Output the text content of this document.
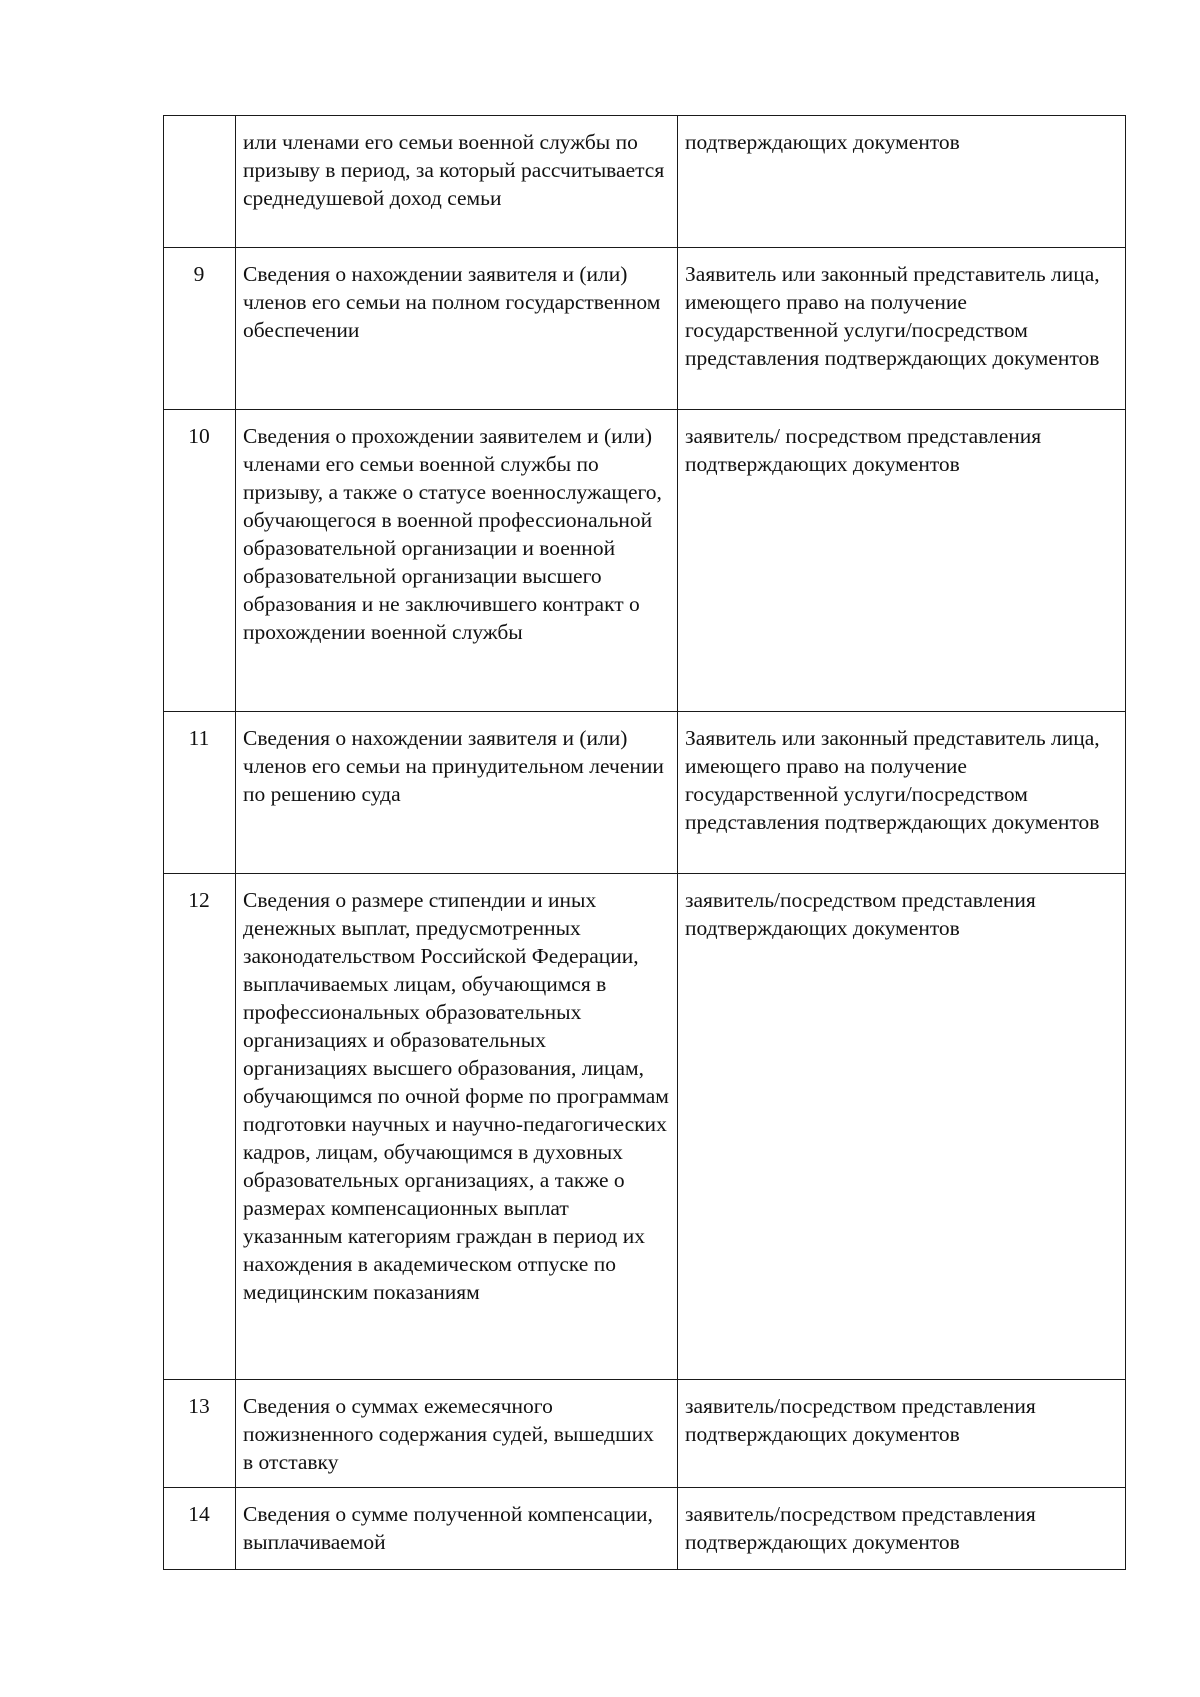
	или членами его семьи военной службы по призыву в период, за который рассчитывается среднедушевой доход семьи	подтверждающих документов
9	Сведения о нахождении заявителя и (или) членов его семьи на полном государственном обеспечении	Заявитель или законный представитель лица, имеющего право на получение государственной услуги/посредством представления подтверждающих документов
10	Сведения о прохождении заявителем и (или) членами его семьи военной службы по призыву, а также о статусе военнослужащего, обучающегося в военной профессиональной образовательной организации и военной образовательной организации высшего образования и не заключившего контракт о прохождении военной службы	заявитель/ посредством представления подтверждающих документов
11	Сведения о нахождении заявителя и (или) членов его семьи на принудительном лечении по решению суда	Заявитель или законный представитель лица, имеющего право на получение государственной услуги/посредством представления подтверждающих документов
12	Сведения о размере стипендии и иных денежных выплат, предусмотренных законодательством Российской Федерации, выплачиваемых лицам, обучающимся в профессиональных образовательных организациях и образовательных организациях высшего образования, лицам, обучающимся по очной форме по программам подготовки научных и научно-педагогических кадров, лицам, обучающимся в духовных образовательных организациях, а также о размерах компенсационных выплат указанным категориям граждан в период их нахождения в академическом отпуске по медицинским показаниям	заявитель/посредством представления подтверждающих документов
13	Сведения о суммах ежемесячного пожизненного содержания судей, вышедших в отставку	заявитель/посредством представления подтверждающих документов
14	Сведения о сумме полученной компенсации, выплачиваемой	заявитель/посредством представления подтверждающих документов
